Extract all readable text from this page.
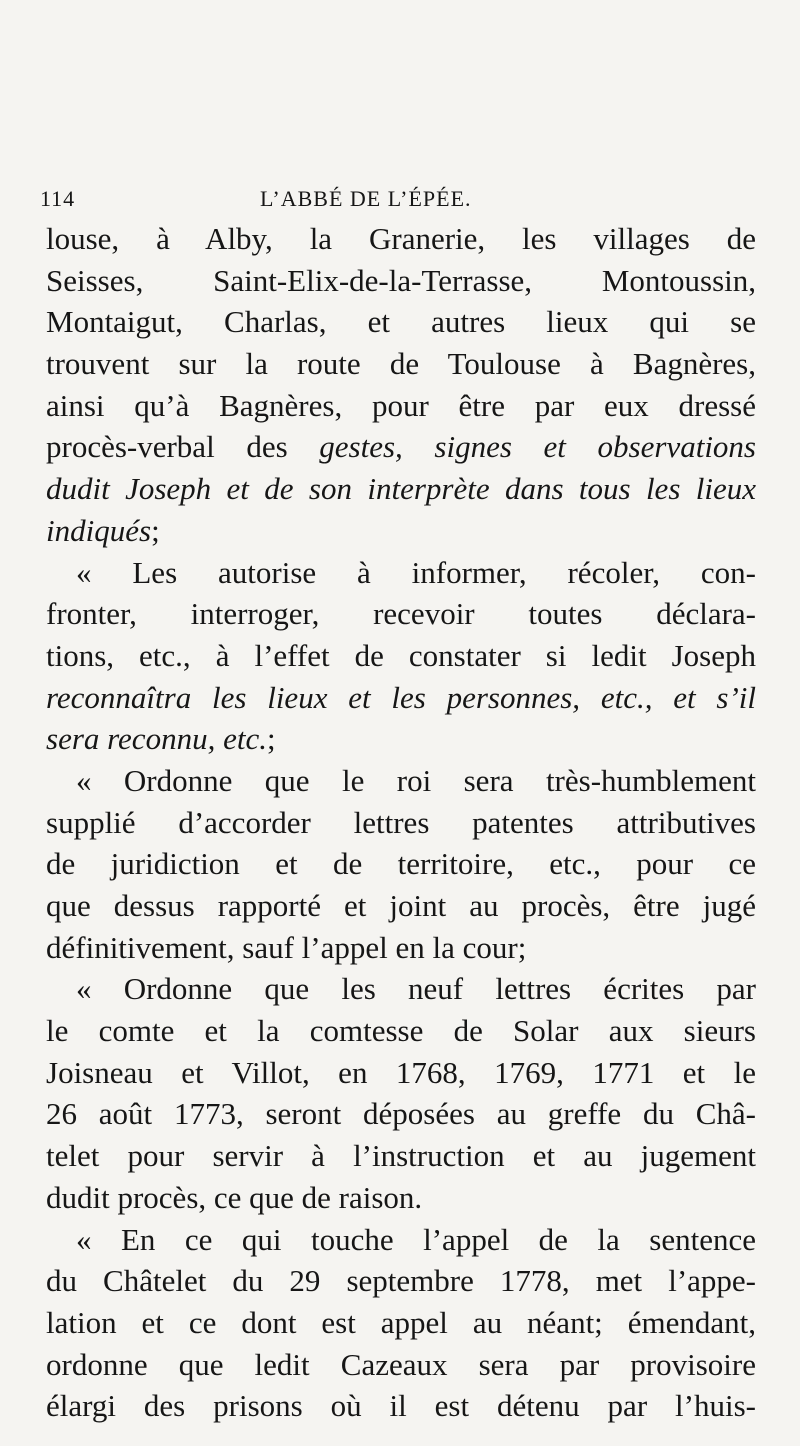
114	L’ABBÉ DE L’ÉPÉE.
louse, à Alby, la Granerie, les villages de
Seisses, Saint-Elix-de-la-Terrasse, Montoussin,
Montaigut, Charlas, et autres lieux qui se
trouvent sur la route de Toulouse à Bagnères,
ainsi qu’à Bagnères, pour être par eux dressé
procès-verbal des gestes, signes et observations
dudit Joseph et de son interprète dans tous les lieux
indiqués;
« Les autorise à informer, récoler, con-
fronter, interroger, recevoir toutes déclara-
tions, etc., à l’effet de constater si ledit Joseph
reconnaîtra les lieux et les personnes, etc., et s’il
sera reconnu, etc.;
« Ordonne que le roi sera très-humblement
supplié d’accorder lettres patentes attributives
de juridiction et de territoire, etc., pour ce
que dessus rapporté et joint au procès, être jugé
définitivement, sauf l’appel en la cour;
« Ordonne que les neuf lettres écrites par
le comte et la comtesse de Solar aux sieurs
Joisneau et Villot, en 1768, 1769, 1771 et le
26 août 1773, seront déposées au greffe du Châ-
telet pour servir à l’instruction et au jugement
dudit procès, ce que de raison.
« En ce qui touche l’appel de la sentence
du Châtelet du 29 septembre 1778, met l’appe-
lation et ce dont est appel au néant; émendant,
ordonne que ledit Cazeaux sera par provisoire
élargi des prisons où il est détenu par l’huis-
